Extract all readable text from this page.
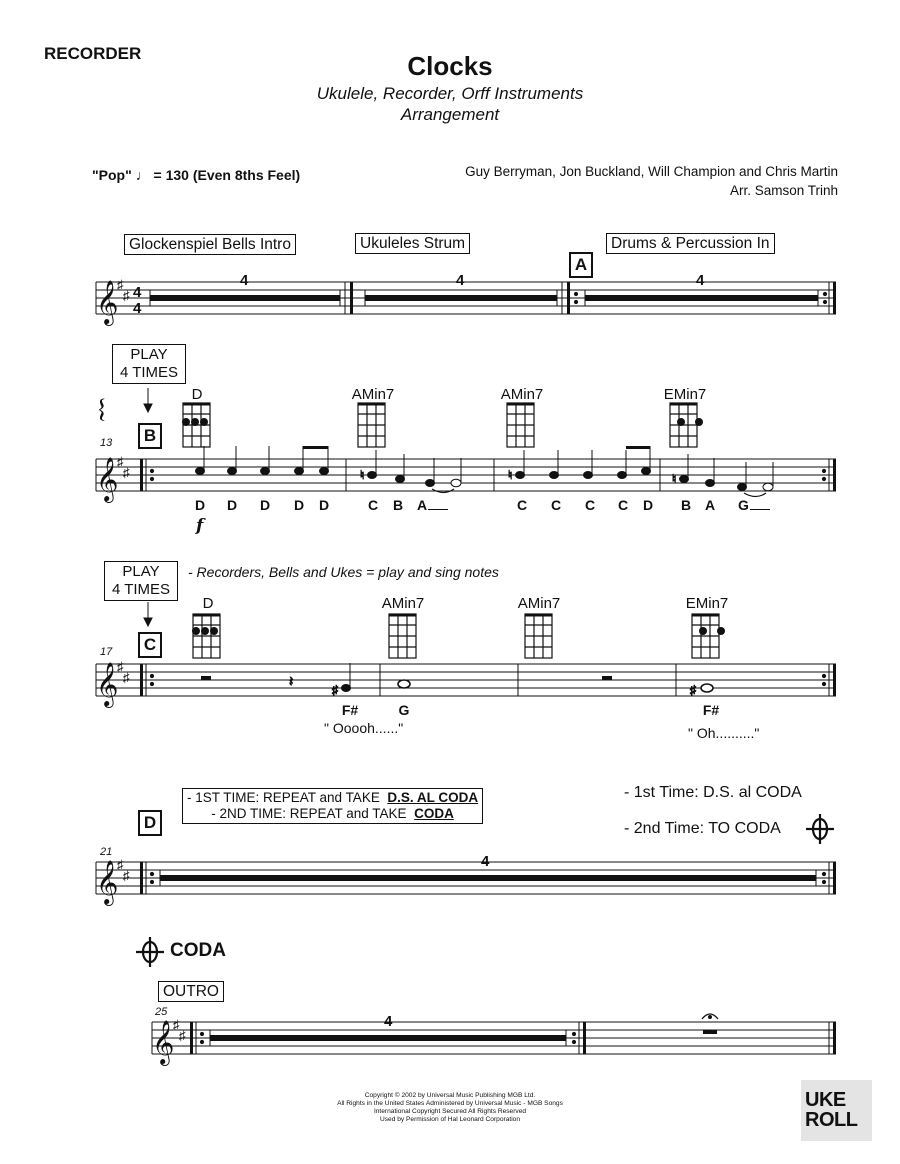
RECORDER	Clocks
Ukulele, Recorder, Orff Instruments
Arrangement
"Pop" ♩ = 130 (Even 8ths Feel)	Guy Berryman, Jon Buckland, Will Champion and Chris Martin
Arr. Samson Trinh
Glockenspiel Bells Intro	Ukuleles Strum	Drums & Percussion In
A
𝄞
𝄞
𝄞
𝄞
𝄞
♯
♯
♯
♯
♯
♯
♯
♯
♯
♯
4
4
4	4	4
♮	♮	♮
𝄽
♯	♯
4
4
𝄔
PLAY
4 TIMES
B
13
D	AMin7	AMin7	EMin7
D	D	D	D	D	C	B A	C	C	C	C	D	B A	G
f
PLAY
4 TIMES
- Recorders, Bells and Ukes = play and sing notes
C
17
D	AMin7	AMin7	EMin7
F#	G	F#
" Ooooh......"	" Oh.........."
- 1ST TIME: REPEAT and TAKE D.S. AL CODA
- 2ND TIME: REPEAT and TAKE CODA
D
21
- 1st Time: D.S. al CODA
- 2nd Time: TO CODA
CODA
OUTRO
25
Copyright © 2002 by Universal Music Publishing MGB Ltd.
All Rights in the United States Administered by Universal Music - MGB Songs
International Copyright Secured All Rights Reserved
Used by Permission of Hal Leonard Corporation
UKE
ROLL
